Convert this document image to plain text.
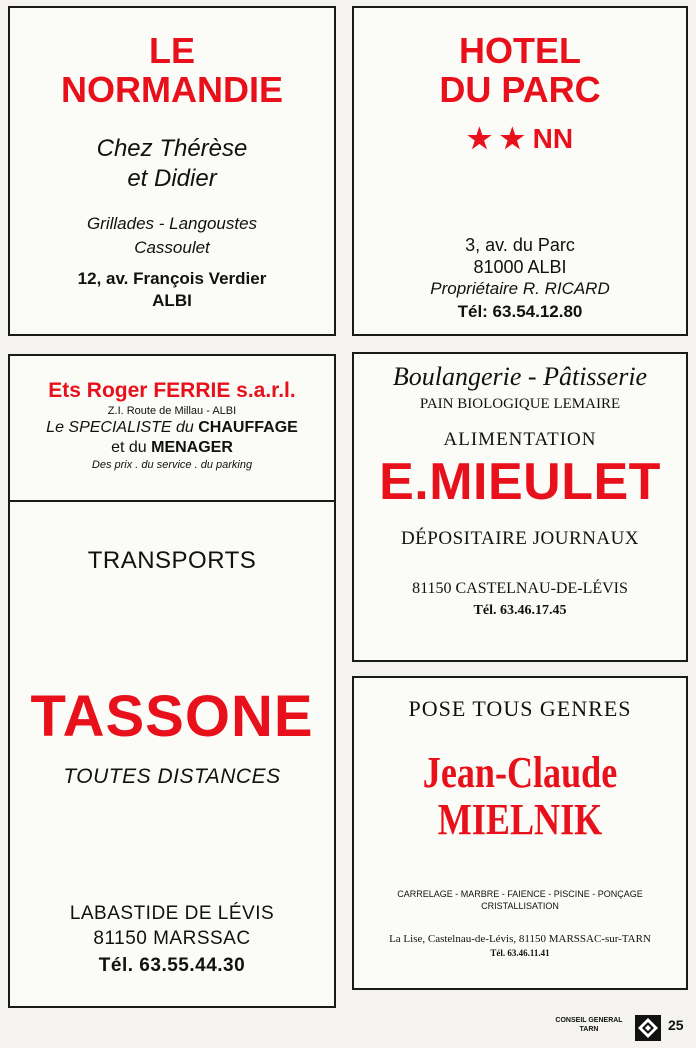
LE
NORMANDIE
Chez Thérèse
et Didier
Grillades - Langoustes
Cassoulet
12, av. François Verdier
ALBI
HOTEL
DU PARC
★ ★ NN
3, av. du Parc
81000 ALBI
Propriétaire R. RICARD
Tél: 63.54.12.80
Ets Roger FERRIE s.a.r.l.
Z.I. Route de Millau - ALBI
Le SPECIALISTE du CHAUFFAGE
et du MENAGER
Des prix . du service . du parking
TRANSPORTS
TASSONE
TOUTES DISTANCES
LABASTIDE DE LÉVIS
81150 MARSSAC
Tél. 63.55.44.30
Boulangerie - Pâtisserie
PAIN BIOLOGIQUE LEMAIRE
ALIMENTATION
E.MIEULET
DÉPOSITAIRE JOURNAUX
81150 CASTELNAU-DE-LÉVIS
Tél. 63.46.17.45
POSE TOUS GENRES
Jean-Claude
MIELNIK
CARRELAGE - MARBRE - FAIENCE - PISCINE - PONÇAGE
CRISTALLISATION
La Lise, Castelnau-de-Lévis, 81150 MARSSAC-sur-TARN
Tél. 63.46.11.41
CONSEIL GENERAL
TARN	25
